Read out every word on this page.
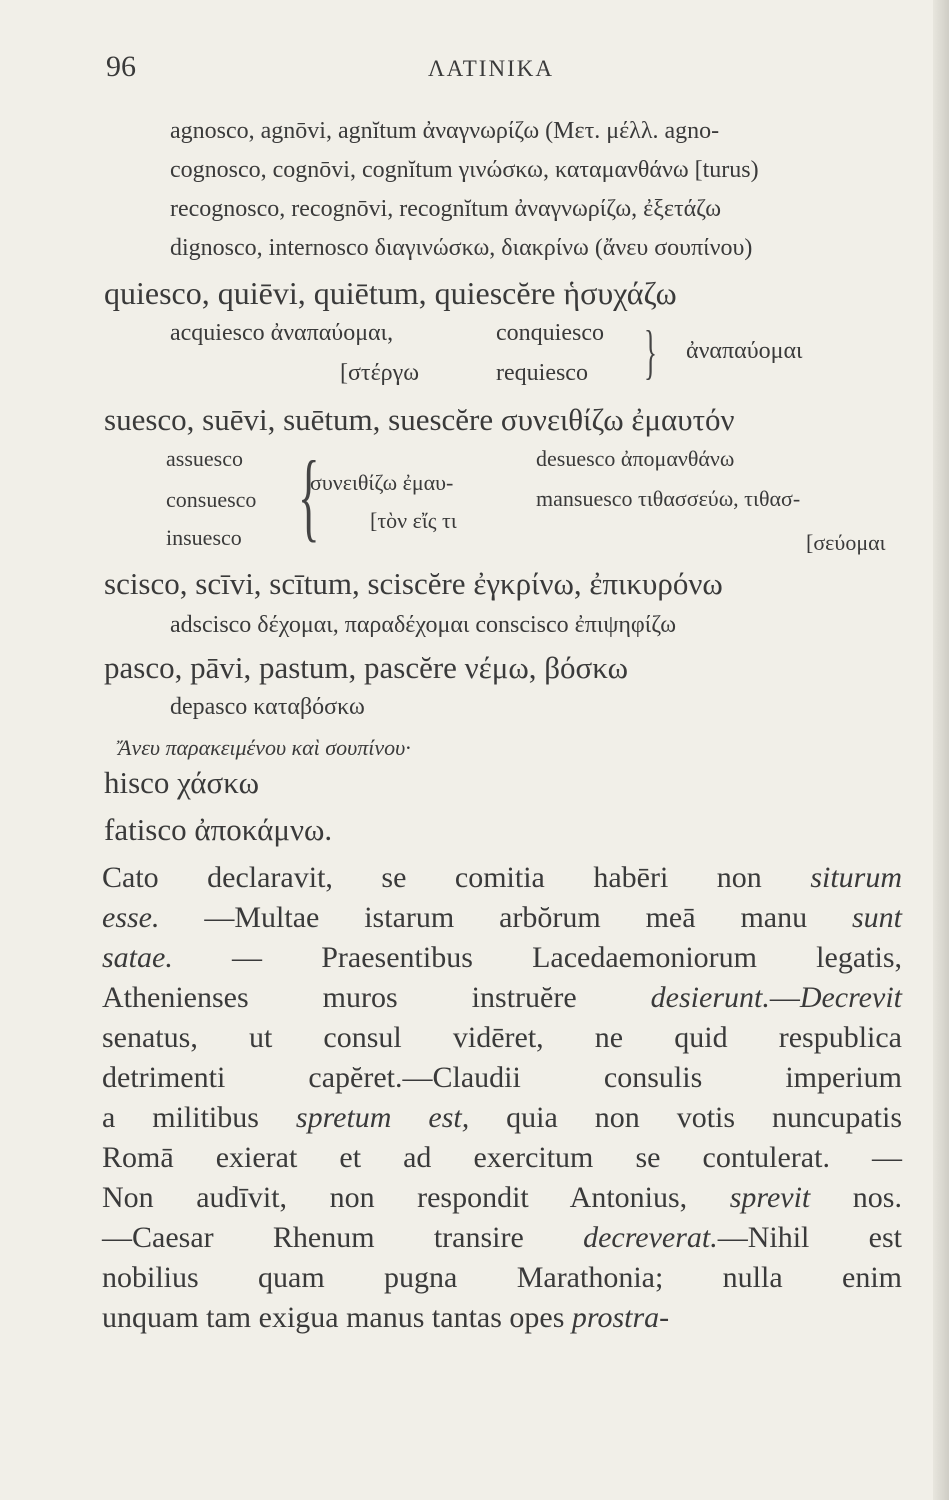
96	ΛΑΤΙΝΙΚΑ
agnosco, agnōvi, agnĭtum ἀναγνωρίζω (Μετ. μέλλ. agno-
cognosco, cognōvi, cognĭtum γινώσκω, καταμανθάνω [turus)
recognosco, recognōvi, recognĭtum ἀναγνωρίζω, ἐξετάζω
dignosco, internosco διαγινώσκω, διακρίνω (ἄνευ σουπίνου)
quiesco, quiēvi, quiētum, quiescĕre ἡσυχάζω
acquiesco ἀναπαύομαι,
[στέργω
conquiesco
requiesco } ἀναπαύομαι
suesco, suēvi, suētum, suescĕre συνειθίζω ἐμαυτόν
assuesco
consuesco
insuesco {
συνειθίζω ἐμαυ-
[τὸν εἴς τι
desuesco ἀπομανθάνω
mansuesco τιθασσεύω, τιθασ-
[σεύομαι
scisco, scīvi, scītum, sciscĕre ἐγκρίνω, ἐπικυρόνω
adscisco δέχομαι, παραδέχομαι conscisco ἐπιψηφίζω
pasco, pāvi, pastum, pascĕre νέμω, βόσκω
depasco καταβόσκω
Ἄνευ παρακειμένου καὶ σουπίνου·
hisco χάσκω
fatisco ἀποκάμνω.
Cato declaravit, se comitia habēri non siturum
esse. —Multae istarum arbŏrum meā manu sunt
satae. — Praesentibus Lacedaemoniorum legatis,
Athenienses muros instruĕre desierunt.—Decrevit
senatus, ut consul vidēret, ne quid respublica
detrimenti capĕret.—Claudii consulis imperium
a militibus spretum est, quia non votis nuncupatis
Romā exierat et ad exercitum se contulerat. —
Non audīvit, non respondit Antonius, sprevit nos.
—Caesar Rhenum transire decreverat.—Nihil est
nobilius quam pugna Marathonia; nulla enim
unquam tam exigua manus tantas opes prostra-
